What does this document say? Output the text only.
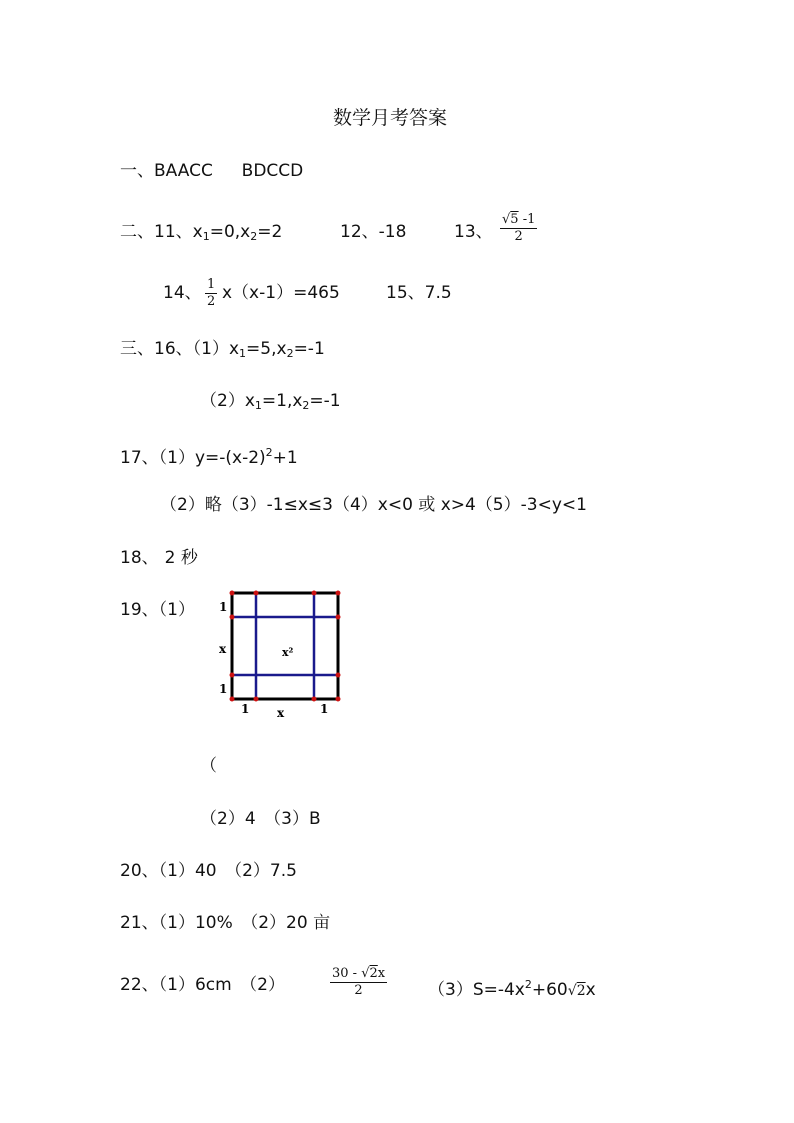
数学月考答案
一、BAACC BDCCD
二、11、$x_1=0,x_2=2$	12、-18	13、 $\frac{√5 -1}{2}$
14、 $\frac{1}{2} x(x-1)=465$	15、7.5
三、16、$(1)x_1=5,x_2=-1$
$(2)x_1=1,x_2=-1$
17、$(1)y=-(x-2)^2+1$
（2）略（3）-1≤x≤3（4）x<0 或 x>4（5）-3<y<1
18、 2 秒
19、（1） 1
x
1
x²
1 x	1
（
（2）4　（3）B
20、（1）40　（2）7.5
21、（1）10%　（2）20 亩
22、（1）6cm　（2）	$\frac{30 - √2x}{2} (3)S=-4x^2+60√2x$
